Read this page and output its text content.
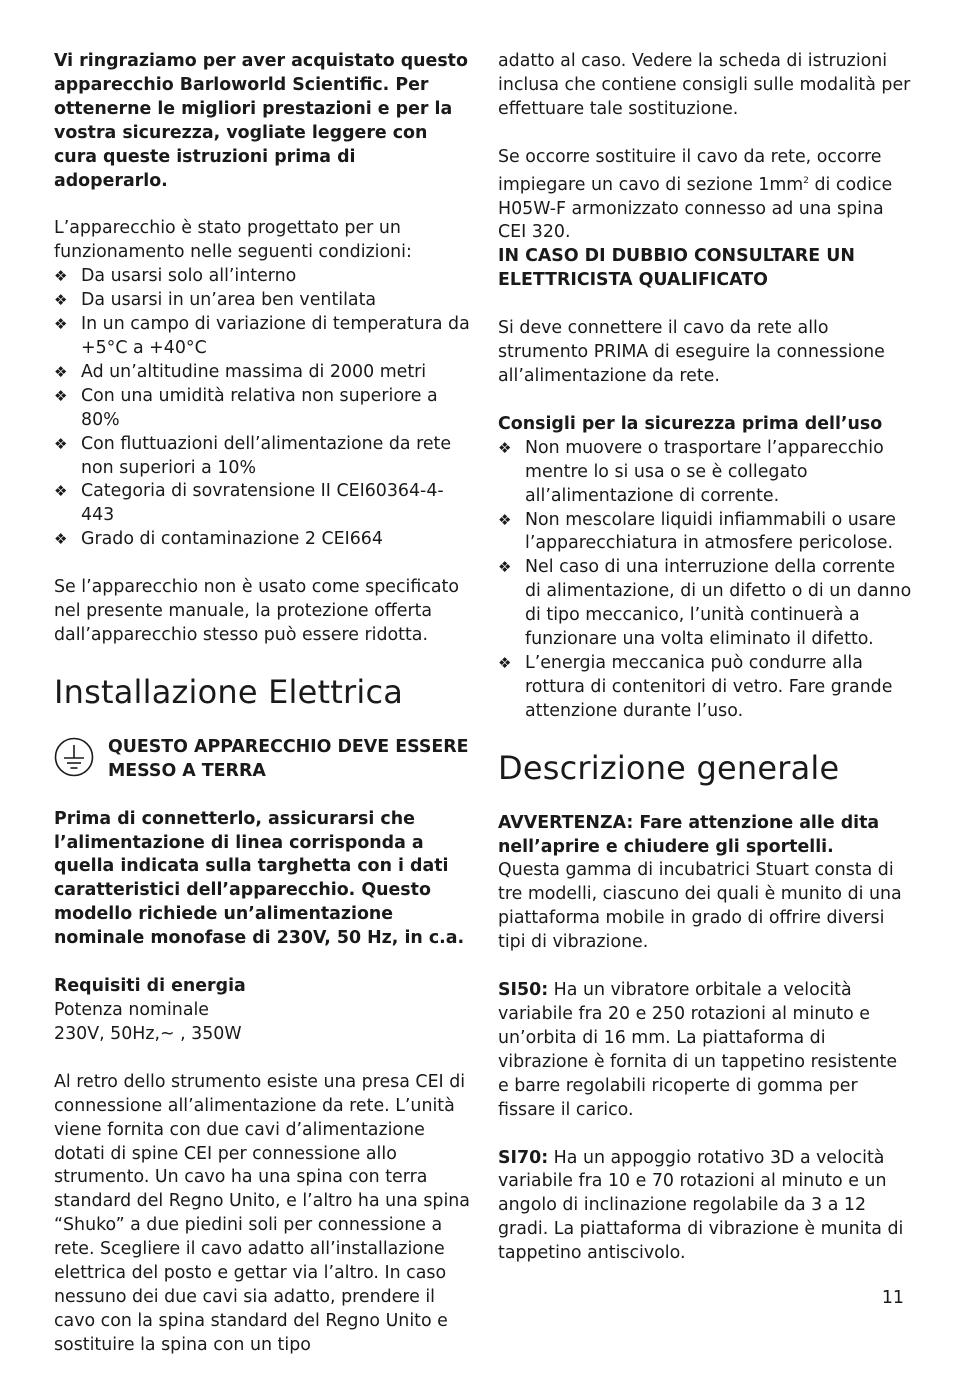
Vi ringraziamo per aver acquistato questo apparecchio Barloworld Scientific. Per ottenerne le migliori prestazioni e per la vostra sicurezza, vogliate leggere con cura queste istruzioni prima di adoperarlo.

L’apparecchio è stato progettato per un funzionamento nelle seguenti condizioni:

❖ Da usarsi solo all’interno
❖ Da usarsi in un’area ben ventilata
❖ In un campo di variazione di temperatura da +5°C a +40°C
❖ Ad un’altitudine massima di 2000 metri
❖ Con una umidità relativa non superiore a 80%
❖ Con fluttuazioni dell’alimentazione da rete non superiori a 10%
❖ Categoria di sovratensione II CEI60364-4-443
❖ Grado di contaminazione 2 CEI664

Se l’apparecchio non è usato come specificato nel presente manuale, la protezione offerta dall’apparecchio stesso può essere ridotta.

Installazione Elettrica
QUESTO APPARECCHIO DEVE ESSERE MESSO A TERRA

Prima di connetterlo, assicurarsi che l’alimentazione di linea corrisponda a quella indicata sulla targhetta con i dati caratteristici dell’apparecchio. Questo modello richiede un’alimentazione nominale monofase di 230V, 50 Hz, in c.a.

Requisiti di energia
Potenza nominale

230V, 50Hz,~ , 350W

Al retro dello strumento esiste una presa CEI di connessione all’alimentazione da rete. L’unità viene fornita con due cavi d’alimentazione dotati di spine CEI per connessione allo strumento. Un cavo ha una spina con terra standard del Regno Unito, e l’altro ha una spina “Shuko” a due piedini soli per connessione a rete. Scegliere il cavo adatto all’installazione elettrica del posto e gettar via l’altro. In caso nessuno dei due cavi sia adatto, prendere il cavo con la spina standard del Regno Unito e sostituire la spina con un tipo

adatto al caso. Vedere la scheda di istruzioni inclusa che contiene consigli sulle modalità per effettuare tale sostituzione.

Se occorre sostituire il cavo da rete, occorre impiegare un cavo di sezione $1mm^2$ di codice H05W-F armonizzato connesso ad una spina CEI 320.

IN CASO DI DUBBIO CONSULTARE UN ELETTRICISTA QUALIFICATO

Si deve connettere il cavo da rete allo strumento PRIMA di eseguire la connessione all’alimentazione da rete.

Consigli per la sicurezza prima dell’uso
❖ Non muovere o trasportare l’apparecchio mentre lo si usa o se è collegato all’alimentazione di corrente.
❖ Non mescolare liquidi infiammabili o usare l’apparecchiatura in atmosfere pericolose.
❖ Nel caso di una interruzione della corrente di alimentazione, di un difetto o di un danno di tipo meccanico, l’unità continuerà a funzionare una volta eliminato il difetto.
❖ L’energia meccanica può condurre alla rottura di contenitori di vetro. Fare grande attenzione durante l’uso.
Descrizione generale
AVVERTENZA: Fare attenzione alle dita nell’aprire e chiudere gli sportelli.

Questa gamma di incubatrici Stuart consta di tre modelli, ciascuno dei quali è munito di una piattaforma mobile in grado di offrire diversi tipi di vibrazione.

SI50: Ha un vibratore orbitale a velocità variabile fra 20 e 250 rotazioni al minuto e un’orbita di 16 mm. La piattaforma di vibrazione è fornita di un tappetino resistente e barre regolabili ricoperte di gomma per fissare il carico.

SI70: Ha un appoggio rotativo 3D a velocità variabile fra 10 e 70 rotazioni al minuto e un angolo di inclinazione regolabile da 3 a 12 gradi. La piattaforma di vibrazione è munita di tappetino antiscivolo.

11
